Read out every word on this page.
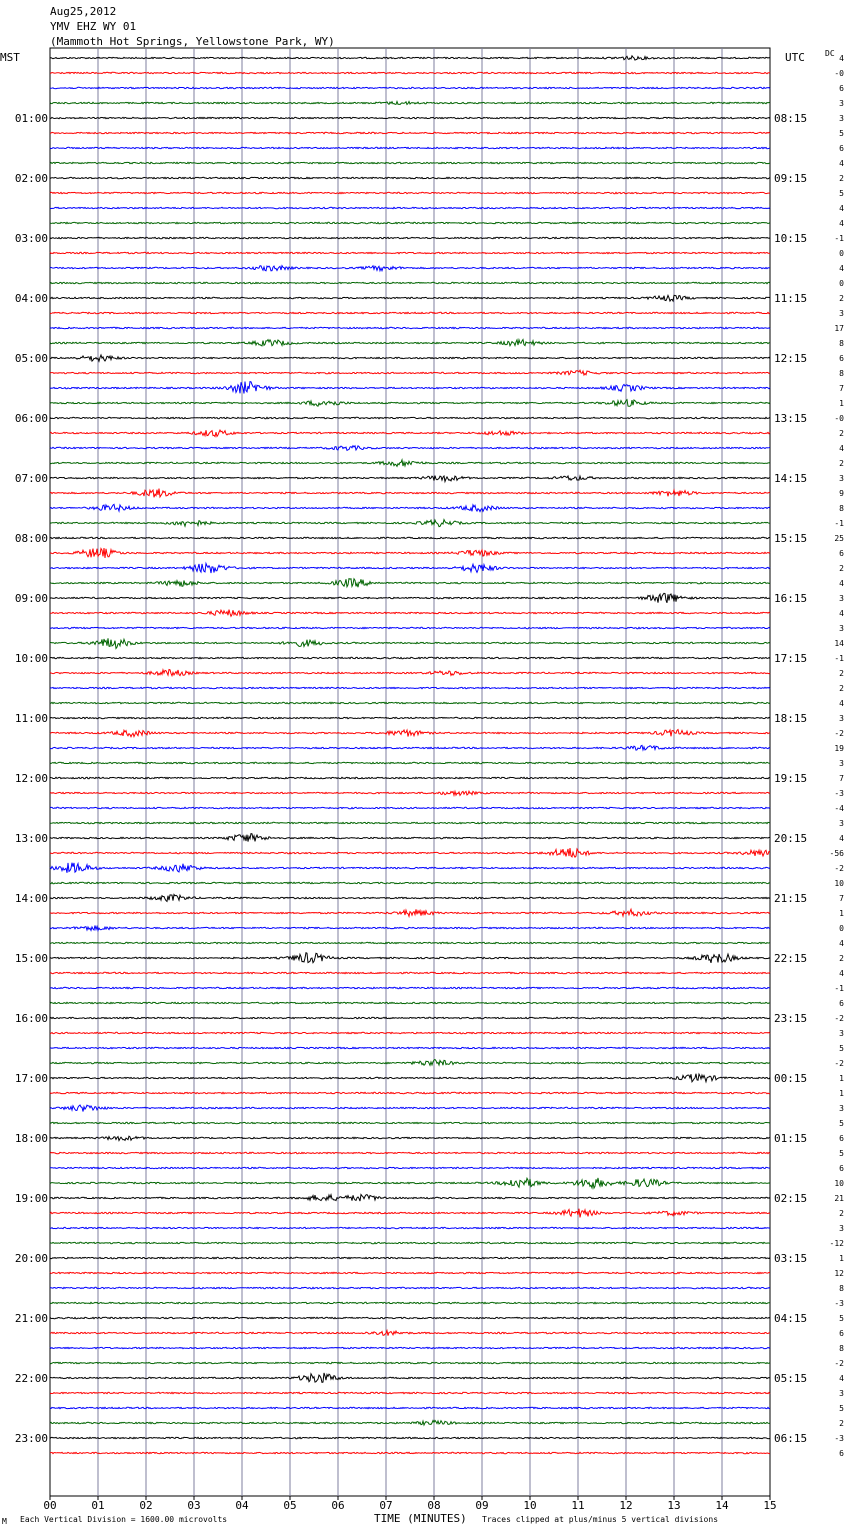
Aug25,2012
YMV EHZ WY 01
(Mammoth Hot Springs, Yellowstone Park, WY)
MST	UTC	DC
00	01	02	03	04	05	06	07	08	09	10	11	12	13	14	15
01:00
02:00
03:00
04:00
05:00
06:00
07:00
08:00
09:00
10:00
11:00
12:00
13:00
14:00
15:00
16:00
17:00
18:00
19:00
20:00
21:00
22:00
23:00
08:15
09:15
10:15
11:15
12:15
13:15
14:15
15:15
16:15
17:15
18:15
19:15
20:15
21:15
22:15
23:15
00:15
01:15
02:15
03:15
04:15
05:15
06:15
4
-0
6
3
3
5
6
4
2
5
4
4
-1
0
4
0
2
3
17
8
6
8
7
1
-0
2
4
2
3
9
8
-1
25
6
2
4
3
4
3
14
-1
2
2
4
3
-2
19
3
7
-3
-4
3
4
-56
-2
10
7
1
0
4
2
4
-1
6
-2
3
5
-2
1
1
3
5
6
5
6
10
21
2
3
-12
1
12
8
-3
5
6
8
-2
4
3
5
2
-3
6
M Each Vertical Division = 1600.00 microvolts	TIME (MINUTES) Traces clipped at plus/minus 5 vertical divisions
